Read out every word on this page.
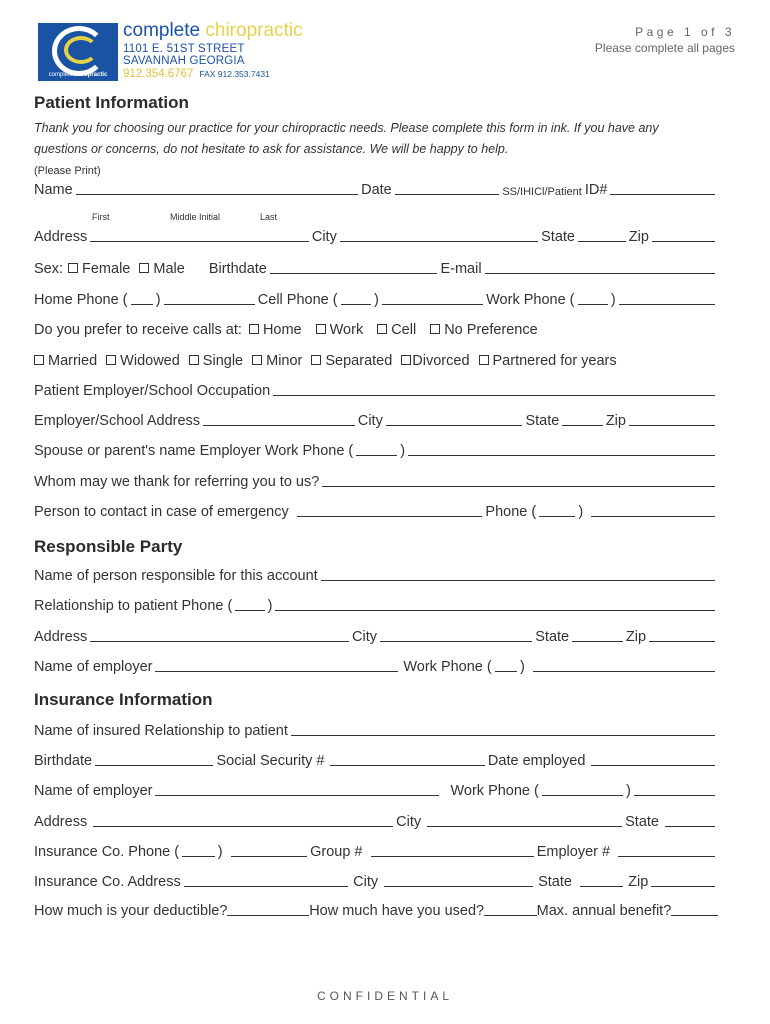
completechiropractic
complete chiropractic
1101 E. 51ST STREET
SAVANNAH GEORGIA
912.354.6767 FAX 912.353.7431
Page 1 of 3
Please complete all pages
Patient Information
Thank you for choosing our practice for your chiropractic needs. Please complete this form in ink. If you have any
questions or concerns, do not hesitate to ask for assistance. We will be happy to help.
(Please Print)
Name	Date	SS/IHICl/Patient ID#
First	Middle Initial	Last
Address	City	State	Zip
Sex:	Female	Male Birthdate	E-mail
Home Phone ( )	Cell Phone (	)	Work Phone (	)
Do you prefer to receive calls at:	Home	Work	Cell	No Preference
Married	Widowed	Single	Minor	Separated	Divorced	Partnered for years
Patient Employer/School Occupation
Employer/School Address	City	State	Zip
Spouse or parent's name Employer Work Phone (	)
Whom may we thank for referring you to us?
Person to contact in case of emergency	Phone (	)
Responsible Party
Name of person responsible for this account
Relationship to patient Phone ( )
Address	City	State	Zip
Name of employer	Work Phone ( )
Insurance Information
Name of insured Relationship to patient
Birthdate	Social Security #	Date employed
Name of employer	Work Phone (	)
Address	City	State
Insurance Co. Phone (	)	Group #	Employer #
Insurance Co. Address	City	State	Zip
How much is your deductible?	How much have you used?	Max. annual benefit?
CONFIDENTIAL
